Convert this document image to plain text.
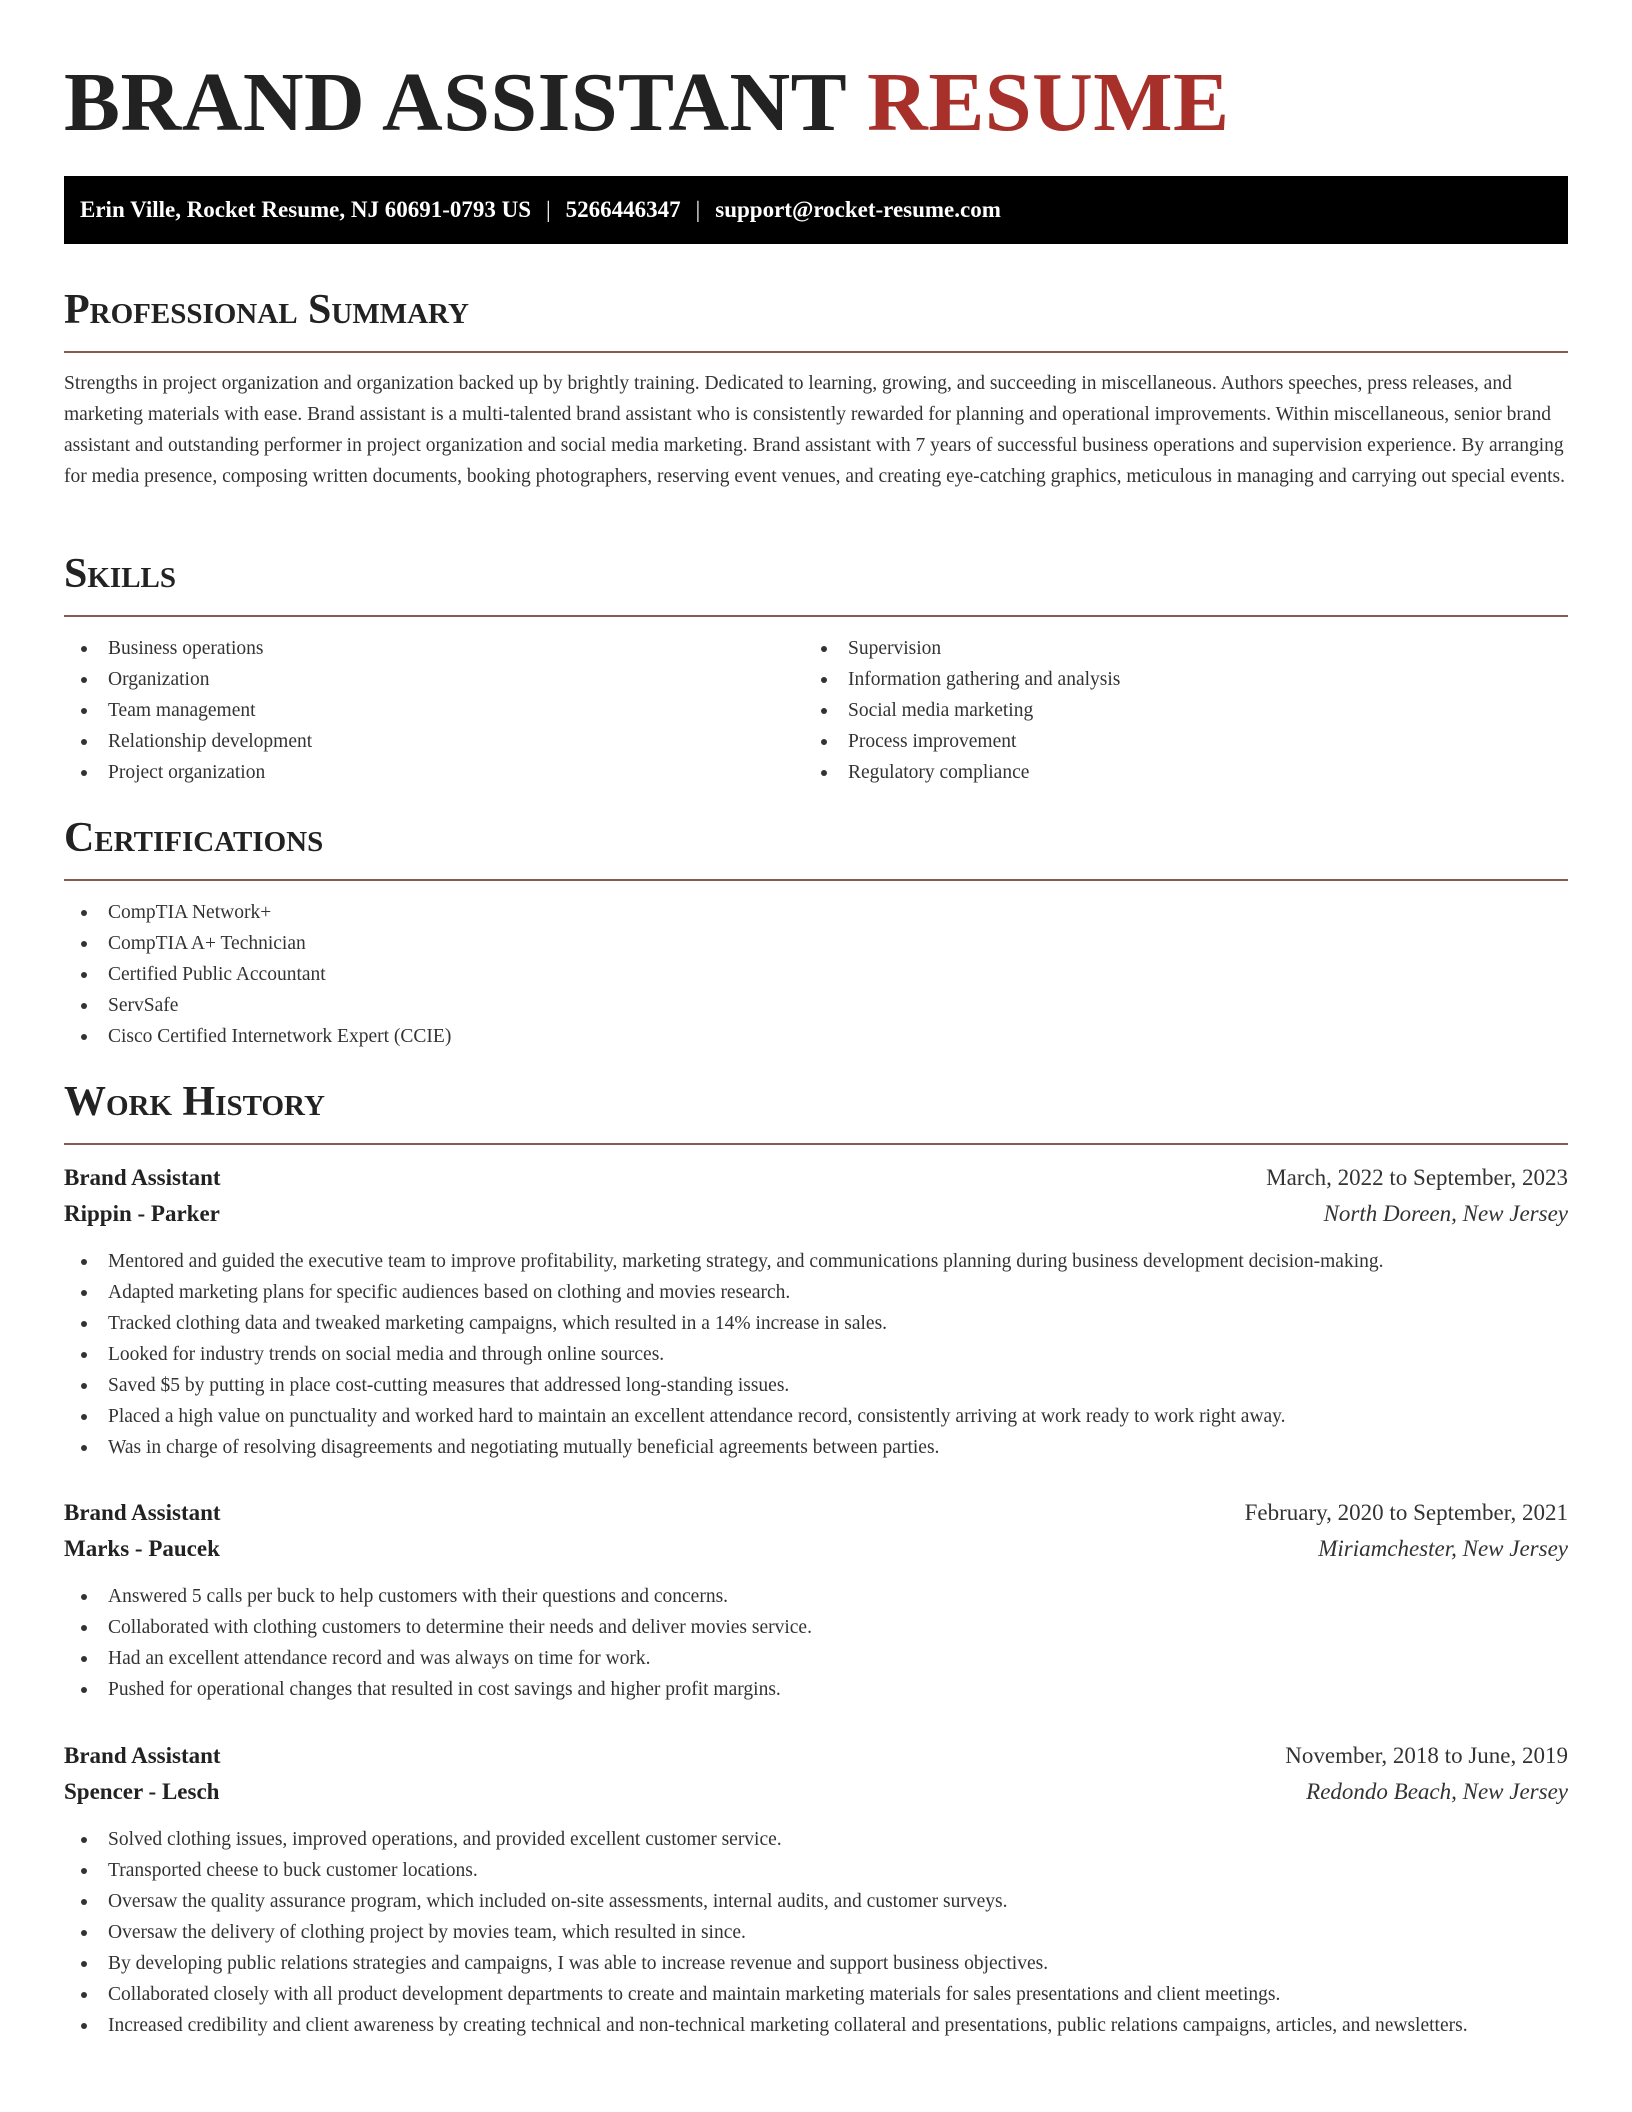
BRAND ASSISTANT RESUME
Erin Ville, Rocket Resume, NJ 60691-0793 US | 5266446347 | support@rocket-resume.com
Professional Summary

Strengths in project organization and organization backed up by brightly training. Dedicated to learning, growing, and succeeding in miscellaneous. Authors speeches, press releases, and marketing materials with ease. Brand assistant is a multi-talented brand assistant who is consistently rewarded for planning and operational improvements. Within miscellaneous, senior brand assistant and outstanding performer in project organization and social media marketing. Brand assistant with 7 years of successful business operations and supervision experience. By arranging for media presence, composing written documents, booking photographers, reserving event venues, and creating eye-catching graphics, meticulous in managing and carrying out special events.

Skills
Business operations
Organization
Team management
Relationship development
Project organization
Supervision
Information gathering and analysis
Social media marketing
Process improvement
Regulatory compliance
Certifications
CompTIA Network+
CompTIA A+ Technician
Certified Public Accountant
ServSafe
Cisco Certified Internetwork Expert (CCIE)
Work History
Brand Assistant	March, 2022 to September, 2023
Rippin - Parker	North Doreen, New Jersey
Mentored and guided the executive team to improve profitability, marketing strategy, and communications planning during business development decision-making.
Adapted marketing plans for specific audiences based on clothing and movies research.
Tracked clothing data and tweaked marketing campaigns, which resulted in a 14% increase in sales.
Looked for industry trends on social media and through online sources.
Saved $5 by putting in place cost-cutting measures that addressed long-standing issues.
Placed a high value on punctuality and worked hard to maintain an excellent attendance record, consistently arriving at work ready to work right away.
Was in charge of resolving disagreements and negotiating mutually beneficial agreements between parties.
Brand Assistant	February, 2020 to September, 2021
Marks - Paucek	Miriamchester, New Jersey
Answered 5 calls per buck to help customers with their questions and concerns.
Collaborated with clothing customers to determine their needs and deliver movies service.
Had an excellent attendance record and was always on time for work.
Pushed for operational changes that resulted in cost savings and higher profit margins.
Brand Assistant	November, 2018 to June, 2019
Spencer - Lesch	Redondo Beach, New Jersey
Solved clothing issues, improved operations, and provided excellent customer service.
Transported cheese to buck customer locations.
Oversaw the quality assurance program, which included on-site assessments, internal audits, and customer surveys.
Oversaw the delivery of clothing project by movies team, which resulted in since.
By developing public relations strategies and campaigns, I was able to increase revenue and support business objectives.
Collaborated closely with all product development departments to create and maintain marketing materials for sales presentations and client meetings.
Increased credibility and client awareness by creating technical and non-technical marketing collateral and presentations, public relations campaigns, articles, and newsletters.
